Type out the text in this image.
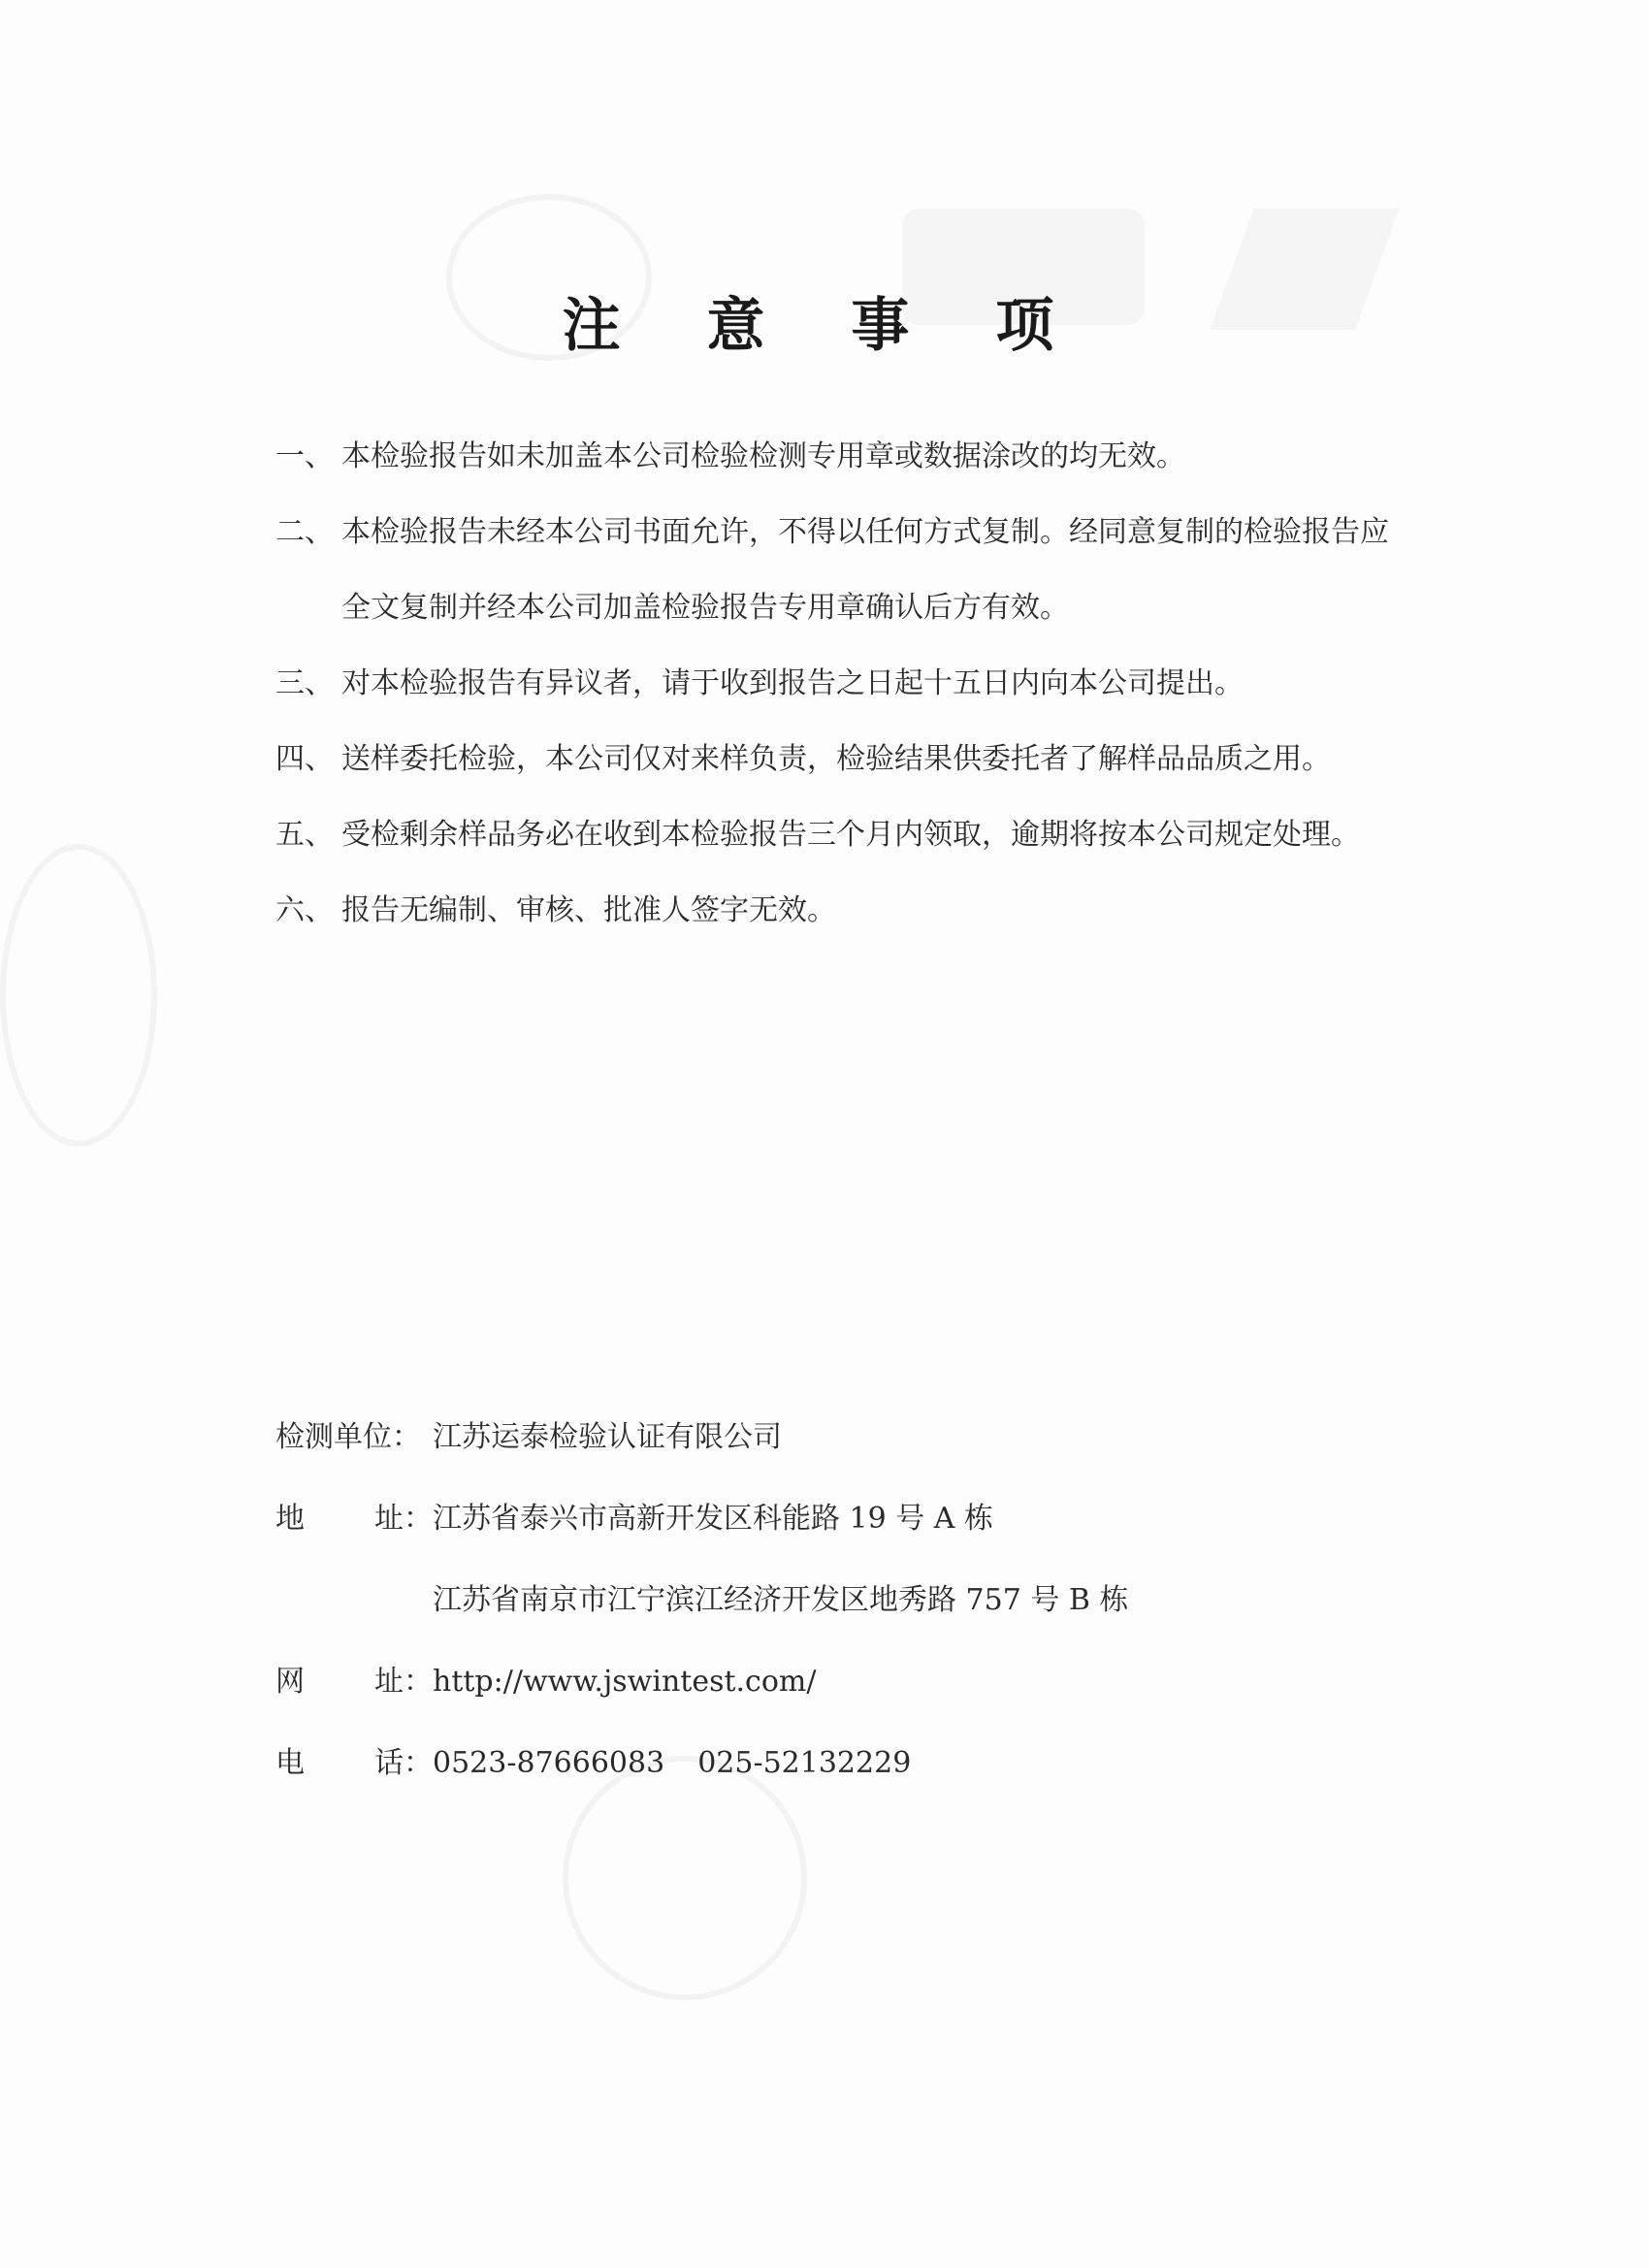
注 意 事 项
一、 本检验报告如未加盖本公司检验检测专用章或数据涂改的均无效。
二、 本检验报告未经本公司书面允许，不得以任何方式复制。经同意复制的检验报告应全文复制并经本公司加盖检验报告专用章确认后方有效。
三、 对本检验报告有异议者，请于收到报告之日起十五日内向本公司提出。
四、 送样委托检验，本公司仅对来样负责，检验结果供委托者了解样品品质之用。
五、 受检剩余样品务必在收到本检验报告三个月内领取，逾期将按本公司规定处理。
六、 报告无编制、审核、批准人签字无效。
检测单位： 江苏运泰检验认证有限公司
地 址： 江苏省泰兴市高新开发区科能路 19 号 A 栋
江苏省南京市江宁滨江经济开发区地秀路 757 号 B 栋
网 址： http://www.jswintest.com/
电 话： 0523-87666083 025-52132229
